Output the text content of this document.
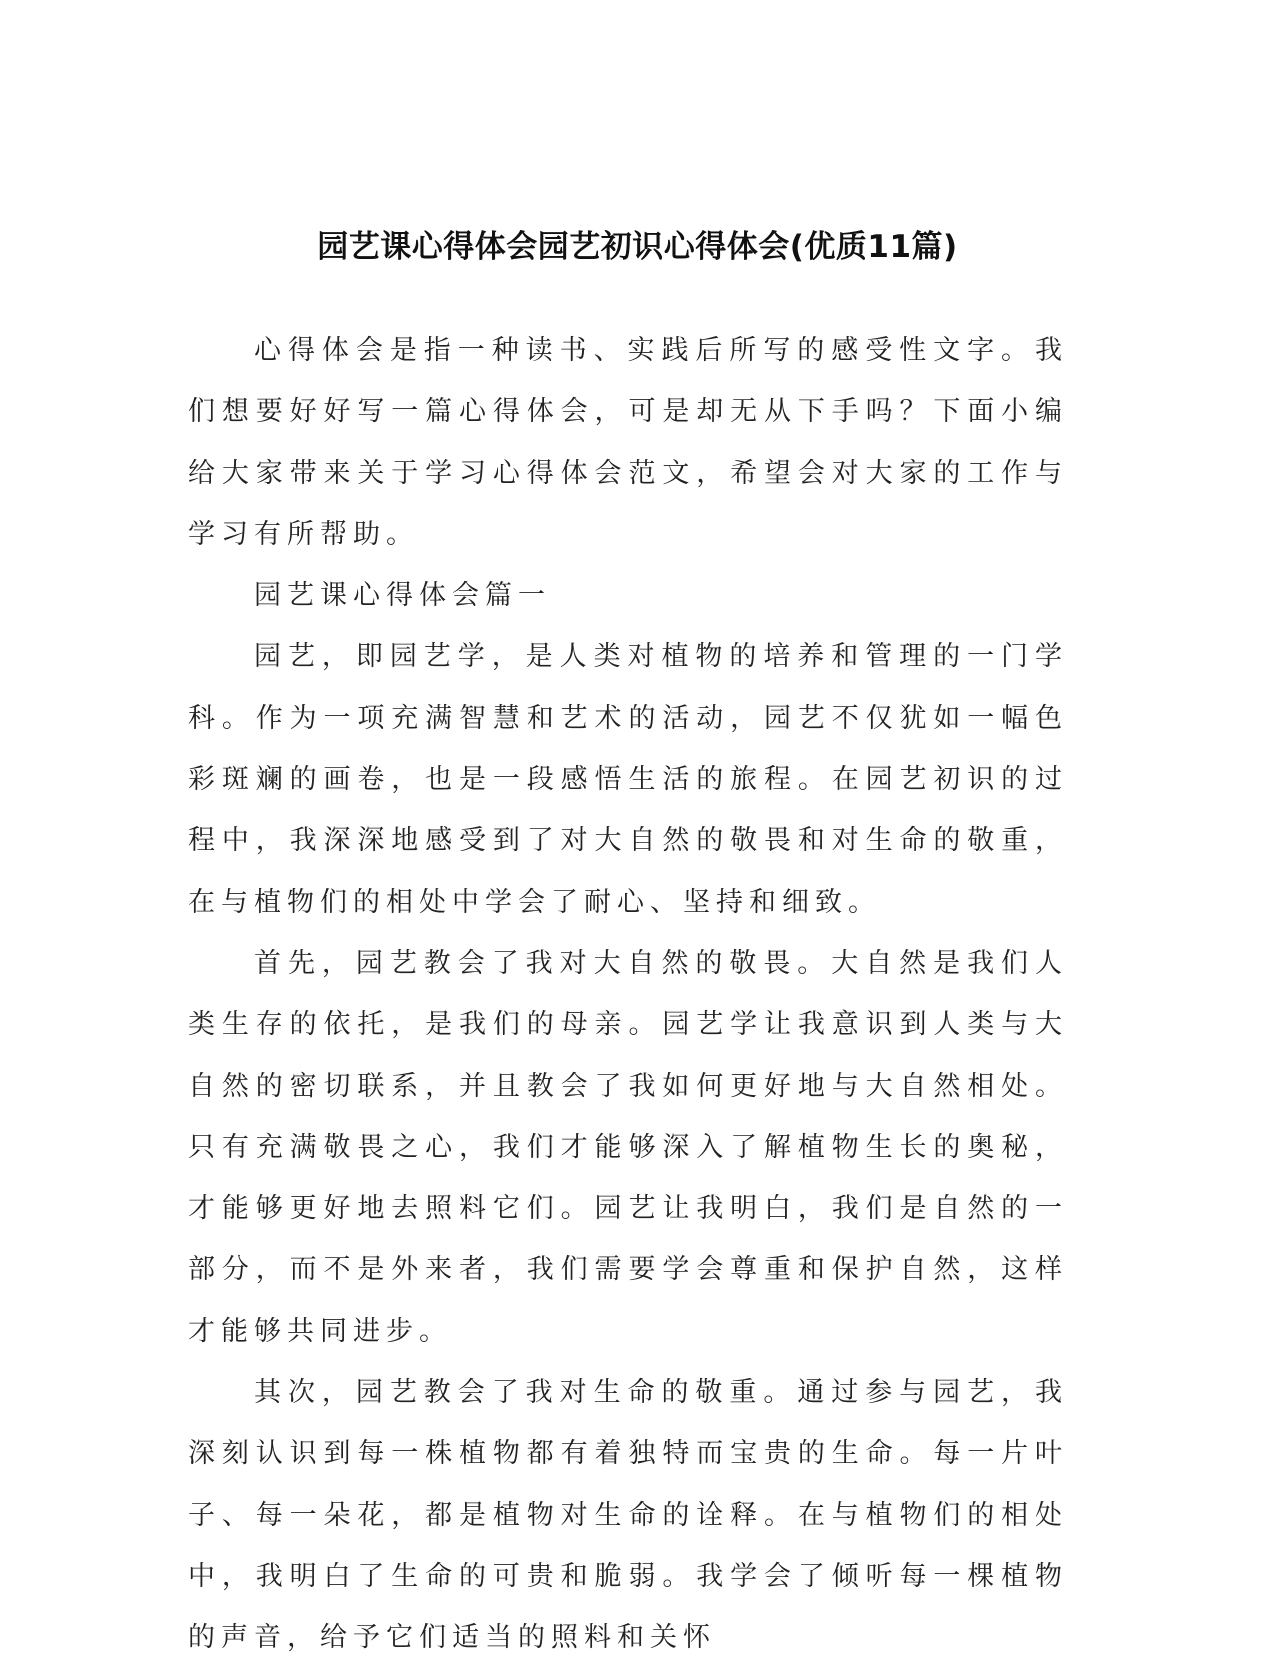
园艺课心得体会园艺初识心得体会(优质11篇)

心得体会是指一种读书、实践后所写的感受性文字。我们想要好好写一篇心得体会，可是却无从下手吗？下面小编给大家带来关于学习心得体会范文，希望会对大家的工作与学习有所帮助。

园艺课心得体会篇一

园艺，即园艺学，是人类对植物的培养和管理的一门学科。作为一项充满智慧和艺术的活动，园艺不仅犹如一幅色彩斑斓的画卷，也是一段感悟生活的旅程。在园艺初识的过程中，我深深地感受到了对大自然的敬畏和对生命的敬重，在与植物们的相处中学会了耐心、坚持和细致。

首先，园艺教会了我对大自然的敬畏。大自然是我们人类生存的依托，是我们的母亲。园艺学让我意识到人类与大自然的密切联系，并且教会了我如何更好地与大自然相处。只有充满敬畏之心，我们才能够深入了解植物生长的奥秘，才能够更好地去照料它们。园艺让我明白，我们是自然的一部分，而不是外来者，我们需要学会尊重和保护自然，这样才能够共同进步。

其次，园艺教会了我对生命的敬重。通过参与园艺，我深刻认识到每一株植物都有着独特而宝贵的生命。每一片叶子、每一朵花，都是植物对生命的诠释。在与植物们的相处中，我明白了生命的可贵和脆弱。我学会了倾听每一棵植物的声音，给予它们适当的照料和关怀
